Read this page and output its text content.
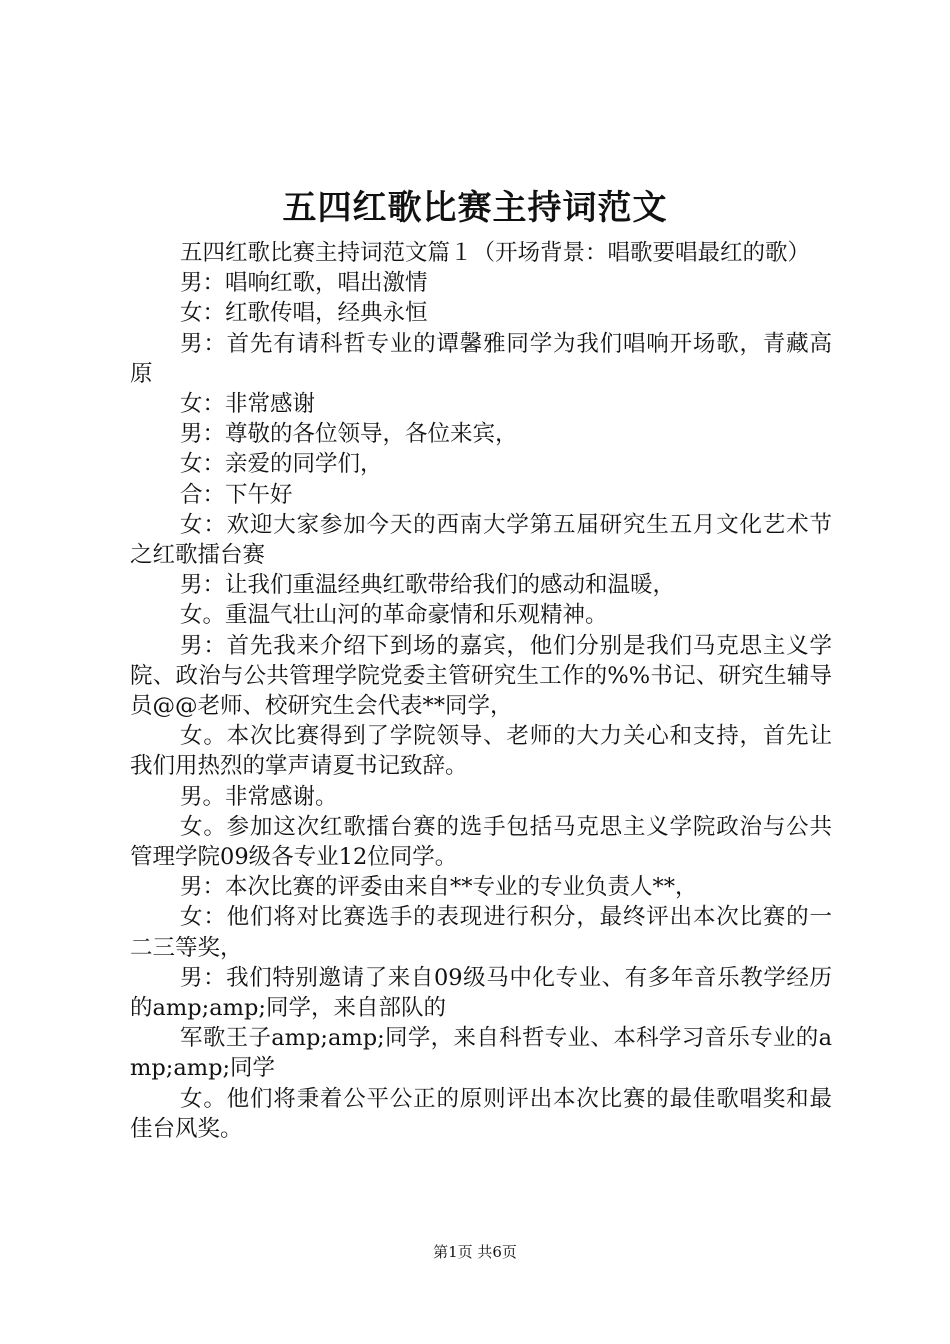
五四红歌比赛主持词范文

五四红歌比赛主持词范文篇１（开场背景：唱歌要唱最红的歌）

男：唱响红歌，唱出激情

女：红歌传唱，经典永恒

男：首先有请科哲专业的谭馨雅同学为我们唱响开场歌，青藏高原

女：非常感谢

男：尊敬的各位领导，各位来宾，

女：亲爱的同学们，

合：下午好

女：欢迎大家参加今天的西南大学第五届研究生五月文化艺术节之红歌擂台赛

男：让我们重温经典红歌带给我们的感动和温暖，

女。重温气壮山河的革命豪情和乐观精神。

男：首先我来介绍下到场的嘉宾，他们分别是我们马克思主义学院、政治与公共管理学院党委主管研究生工作的%%书记、研究生辅导员@@老师、校研究生会代表**同学，

女。本次比赛得到了学院领导、老师的大力关心和支持，首先让我们用热烈的掌声请夏书记致辞。

男。非常感谢。

女。参加这次红歌擂台赛的选手包括马克思主义学院政治与公共管理学院09级各专业12位同学。

男：本次比赛的评委由来自**专业的专业负责人**，

女：他们将对比赛选手的表现进行积分，最终评出本次比赛的一二三等奖，

男：我们特别邀请了来自09级马中化专业、有多年音乐教学经历的amp;amp;同学，来自部队的

军歌王子amp;amp;同学，来自科哲专业、本科学习音乐专业的amp;amp;同学

女。他们将秉着公平公正的原则评出本次比赛的最佳歌唱奖和最佳台风奖。

第1页 共6页
